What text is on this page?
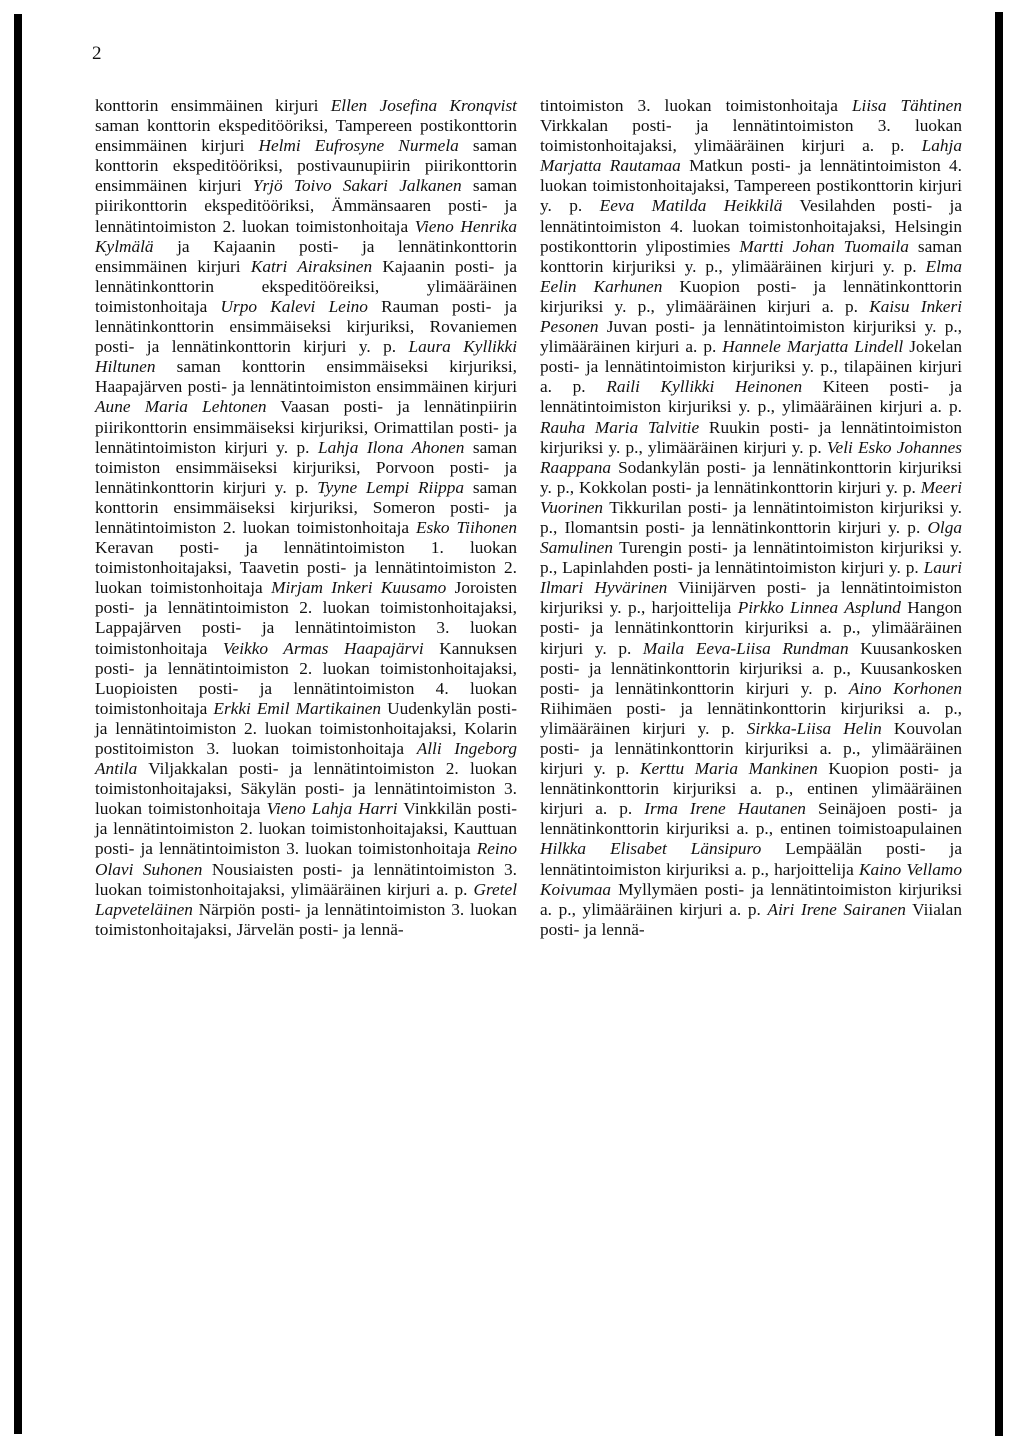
2

konttorin ensimmäinen kirjuri Ellen Josefina Kronqvist saman konttorin ekspeditööriksi, Tampereen postikonttorin ensimmäinen kirjuri Helmi Eufrosyne Nurmela saman konttorin ekspeditööriksi, postivaunupiirin piirikonttorin ensimmäinen kirjuri Yrjö Toivo Sakari Jalkanen saman piirikonttorin ekspeditööriksi, Ämmänsaaren posti- ja lennätintoimiston 2. luokan toimistonhoitaja Vieno Henrika Kylmälä ja Kajaanin posti- ja lennätinkonttorin ensimmäinen kirjuri Katri Airaksinen Kajaanin posti- ja lennätinkonttorin ekspeditööreiksi, ylimääräinen toimistonhoitaja Urpo Kalevi Leino Rauman posti- ja lennätinkonttorin ensimmäiseksi kirjuriksi, Rovaniemen posti- ja lennätinkonttorin kirjuri y. p. Laura Kyllikki Hiltunen saman konttorin ensimmäiseksi kirjuriksi, Haapajärven posti- ja lennätintoimiston ensimmäinen kirjuri Aune Maria Lehtonen Vaasan posti- ja lennätinpiirin piirikonttorin ensimmäiseksi kirjuriksi, Orimattilan posti- ja lennätintoimiston kirjuri y. p. Lahja Ilona Ahonen saman toimiston ensimmäiseksi kirjuriksi, Porvoon posti- ja lennätinkonttorin kirjuri y. p. Tyyne Lempi Riippa saman konttorin ensimmäiseksi kirjuriksi, Someron posti- ja lennätintoimiston 2. luokan toimistonhoitaja Esko Tiihonen Keravan posti- ja lennätintoimiston 1. luokan toimistonhoitajaksi, Taavetin posti- ja lennätintoimiston 2. luokan toimistonhoitaja Mirjam Inkeri Kuusamo Joroisten posti- ja lennätintoimiston 2. luokan toimistonhoitajaksi, Lappajärven posti- ja lennätintoimiston 3. luokan toimistonhoitaja Veikko Armas Haapajärvi Kannuksen posti- ja lennätintoimiston 2. luokan toimistonhoitajaksi, Luopioisten posti- ja lennätintoimiston 4. luokan toimistonhoitaja Erkki Emil Martikainen Uudenkylän posti- ja lennätintoimiston 2. luokan toimistonhoitajaksi, Kolarin postitoimiston 3. luokan toimistonhoitaja Alli Ingeborg Antila Viljakkalan posti- ja lennätintoimiston 2. luokan toimistonhoitajaksi, Säkylän posti- ja lennätintoimiston 3. luokan toimistonhoitaja Vieno Lahja Harri Vinkkilän posti- ja lennätintoimiston 2. luokan toimistonhoitajaksi, Kauttuan posti- ja lennätintoimiston 3. luokan toimistonhoitaja Reino Olavi Suhonen Nousiaisten posti- ja lennätintoimiston 3. luokan toimistonhoitajaksi, ylimääräinen kirjuri a. p. Gretel Lapveteläinen Närpiön posti- ja lennätintoimiston 3. luokan toimistonhoitajaksi, Järvelän posti- ja lennä-

tintoimiston 3. luokan toimistonhoitaja Liisa Tähtinen Virkkalan posti- ja lennätintoimiston 3. luokan toimistonhoitajaksi, ylimääräinen kirjuri a. p. Lahja Marjatta Rautamaa Matkun posti- ja lennätintoimiston 4. luokan toimistonhoitajaksi, Tampereen postikonttorin kirjuri y. p. Eeva Matilda Heikkilä Vesilahden posti- ja lennätintoimiston 4. luokan toimistonhoitajaksi, Helsingin postikonttorin ylipostimies Martti Johan Tuomaila saman konttorin kirjuriksi y. p., ylimääräinen kirjuri y. p. Elma Eelin Karhunen Kuopion posti- ja lennätinkonttorin kirjuriksi y. p., ylimääräinen kirjuri a. p. Kaisu Inkeri Pesonen Juvan posti- ja lennätintoimiston kirjuriksi y. p., ylimääräinen kirjuri a. p. Hannele Marjatta Lindell Jokelan posti- ja lennätintoimiston kirjuriksi y. p., tilapäinen kirjuri a. p. Raili Kyllikki Heinonen Kiteen posti- ja lennätintoimiston kirjuriksi y. p., ylimääräinen kirjuri a. p. Rauha Maria Talvitie Ruukin posti- ja lennätintoimiston kirjuriksi y. p., ylimääräinen kirjuri y. p. Veli Esko Johannes Raappana Sodankylän posti- ja lennätinkonttorin kirjuriksi y. p., Kokkolan posti- ja lennätinkonttorin kirjuri y. p. Meeri Vuorinen Tikkurilan posti- ja lennätintoimiston kirjuriksi y. p., Ilomantsin posti- ja lennätinkonttorin kirjuri y. p. Olga Samulinen Turengin posti- ja lennätintoimiston kirjuriksi y. p., Lapinlahden posti- ja lennätintoimiston kirjuri y. p. Lauri Ilmari Hyvärinen Viinijärven posti- ja lennätintoimiston kirjuriksi y. p., harjoittelija Pirkko Linnea Asplund Hangon posti- ja lennätinkonttorin kirjuriksi a. p., ylimääräinen kirjuri y. p. Maila Eeva-Liisa Rundman Kuusankosken posti- ja lennätinkonttorin kirjuriksi a. p., Kuusankosken posti- ja lennätinkonttorin kirjuri y. p. Aino Korhonen Riihimäen posti- ja lennätinkonttorin kirjuriksi a. p., ylimääräinen kirjuri y. p. Sirkka-Liisa Helin Kouvolan posti- ja lennätinkonttorin kirjuriksi a. p., ylimääräinen kirjuri y. p. Kerttu Maria Mankinen Kuopion posti- ja lennätinkonttorin kirjuriksi a. p., entinen ylimääräinen kirjuri a. p. Irma Irene Hautanen Seinäjoen posti- ja lennätinkonttorin kirjuriksi a. p., entinen toimistoapulainen Hilkka Elisabet Länsipuro Lempäälän posti- ja lennätintoimiston kirjuriksi a. p., harjoittelija Kaino Vellamo Koivumaa Myllymäen posti- ja lennätintoimiston kirjuriksi a. p., ylimääräinen kirjuri a. p. Airi Irene Sairanen Viialan posti- ja lennä-
